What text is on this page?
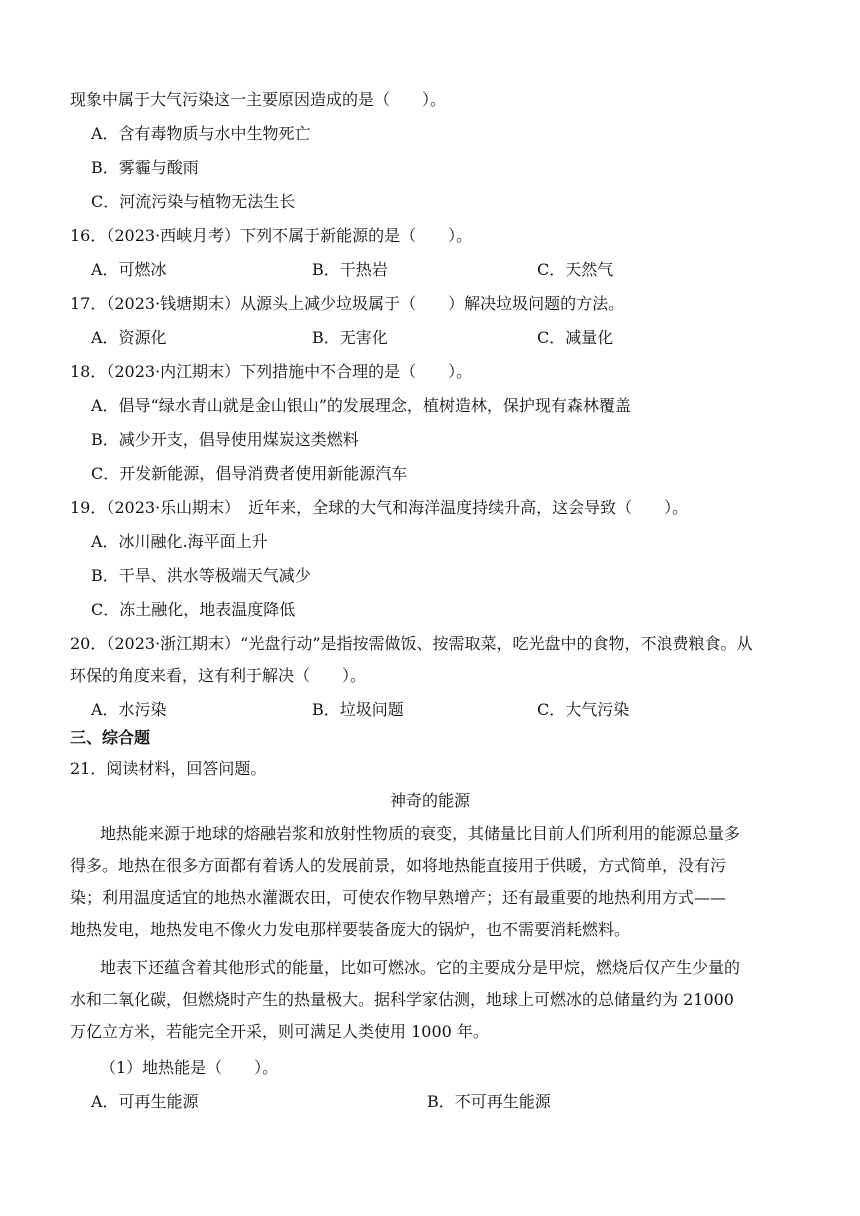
现象中属于大气污染这一主要原因造成的是（　　）。
A．含有毒物质与水中生物死亡
B．雾霾与酸雨
C．河流污染与植物无法生长
16．（2023·西峡月考）下列不属于新能源的是（　　）。
A．可燃冰	B．干热岩	C．天然气
17．（2023·钱塘期末）从源头上减少垃圾属于（　　）解决垃圾问题的方法。
A．资源化	B．无害化	C．减量化
18．（2023·内江期末）下列措施中不合理的是（　　）。
A．倡导“绿水青山就是金山银山”的发展理念，植树造林，保护现有森林覆盖
B．减少开支，倡导使用煤炭这类燃料
C．开发新能源，倡导消费者使用新能源汽车
19．（2023·乐山期末）　近年来，全球的大气和海洋温度持续升高，这会导致（　　）。
A．冰川融化.海平面上升
B．干旱、洪水等极端天气减少
C．冻土融化，地表温度降低
20．（2023·浙江期末）“光盘行动”是指按需做饭、按需取菜，吃光盘中的食物，不浪费粮食。从
环保的角度来看，这有利于解决（　　）。
A．水污染	B．垃圾问题	C．大气污染
三、综合题
21．阅读材料，回答问题。
神奇的能源
地热能来源于地球的熔融岩浆和放射性物质的衰变，其储量比目前人们所利用的能源总量多
得多。地热在很多方面都有着诱人的发展前景，如将地热能直接用于供暖，方式简单，没有污
染；利用温度适宜的地热水灌溉农田，可使农作物早熟增产；还有最重要的地热利用方式——
地热发电，地热发电不像火力发电那样要装备庞大的锅炉，也不需要消耗燃料。
地表下还蕴含着其他形式的能量，比如可燃冰。它的主要成分是甲烷，燃烧后仅产生少量的
水和二氧化碳，但燃烧时产生的热量极大。据科学家估测，地球上可燃冰的总储量约为 21000
万亿立方米，若能完全开采，则可满足人类使用 1000 年。
（1）地热能是（　　）。
A．可再生能源	B．不可再生能源
